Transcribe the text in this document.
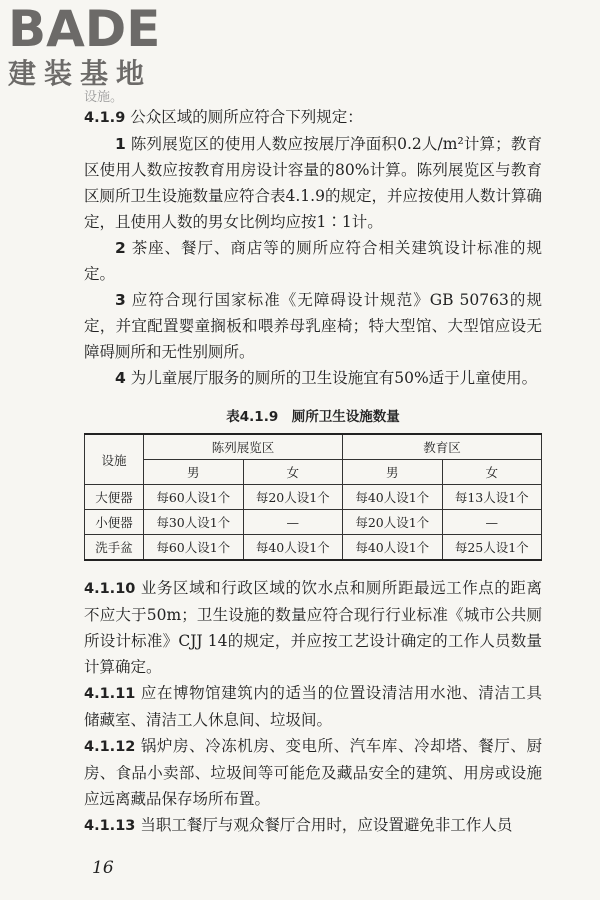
BADE
建装基地
设施。

4.1.9 公众区域的厕所应符合下列规定：

1 陈列展览区的使用人数应按展厅净面积0.2人/m²计算；教育区使用人数应按教育用房设计容量的80%计算。陈列展览区与教育区厕所卫生设施数量应符合表4.1.9的规定，并应按使用人数计算确定，且使用人数的男女比例均应按1∶1计。

2 茶座、餐厅、商店等的厕所应符合相关建筑设计标准的规定。

3 应符合现行国家标准《无障碍设计规范》GB 50763的规定，并宜配置婴童搁板和喂养母乳座椅；特大型馆、大型馆应设无障碍厕所和无性别厕所。

4 为儿童展厅服务的厕所的卫生设施宜有50%适于儿童使用。

表4.1.9　厕所卫生设施数量
设施	陈列展览区		教育区	
	男	女	男	女
大便器	每60人设1个	每20人设1个	每40人设1个	每13人设1个
小便器	每30人设1个	—	每20人设1个	—
洗手盆	每60人设1个	每40人设1个	每40人设1个	每25人设1个

4.1.10 业务区域和行政区域的饮水点和厕所距最远工作点的距离不应大于50m；卫生设施的数量应符合现行行业标准《城市公共厕所设计标准》CJJ 14的规定，并应按工艺设计确定的工作人员数量计算确定。

4.1.11 应在博物馆建筑内的适当的位置设清洁用水池、清洁工具储藏室、清洁工人休息间、垃圾间。

4.1.12 锅炉房、冷冻机房、变电所、汽车库、冷却塔、餐厅、厨房、食品小卖部、垃圾间等可能危及藏品安全的建筑、用房或设施应远离藏品保存场所布置。

4.1.13 当职工餐厅与观众餐厅合用时，应设置避免非工作人员

16
